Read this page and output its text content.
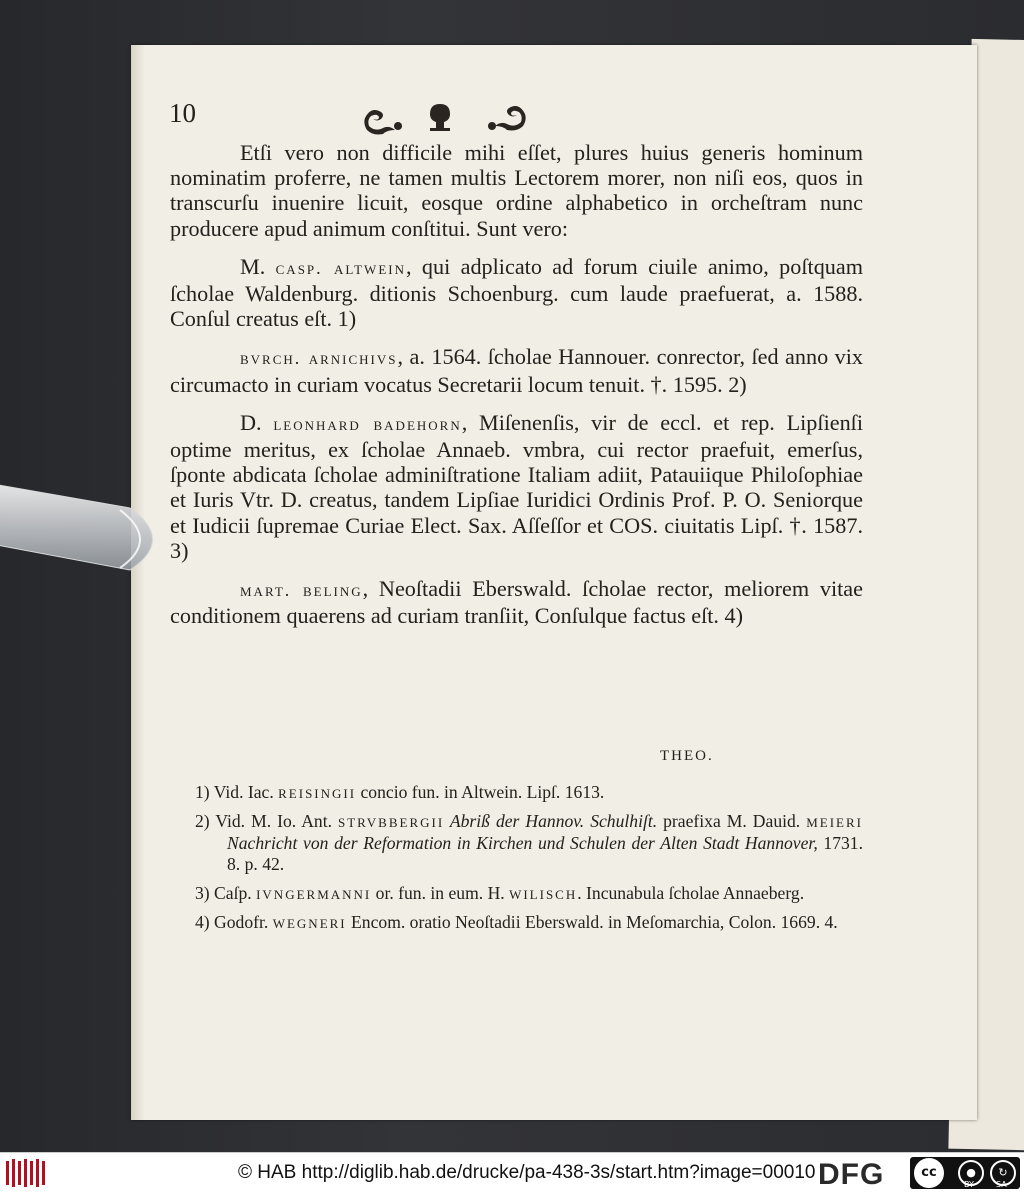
10

Etſi vero non difficile mihi eſſet, plures huius generis hominum nominatim proferre, ne tamen multis Lectorem morer, non niſi eos, quos in transcurſu inuenire licuit, eosque ordine alphabetico in orcheſtram nunc producere apud animum conſtitui. Sunt vero:

M. casp. altwein, qui adplicato ad forum ciuile animo, poſtquam ſcholae Waldenburg. ditionis Schoenburg. cum laude praefuerat, a. 1588. Conſul creatus eſt. 1)

bvrch. arnichivs, a. 1564. ſcholae Hannouer. conrector, ſed anno vix circumacto in curiam vocatus Secretarii locum tenuit. †. 1595. 2)

D. leonhard badehorn, Miſenenſis, vir de eccl. et rep. Lipſienſi optime meritus, ex ſcholae Annaeb. vmbra, cui rector praefuit, emerſus, ſponte abdicata ſcholae adminiſtratione Italiam adiit, Patauiique Philoſophiae et Iuris Vtr. D. creatus, tandem Lipſiae Iuridici Ordinis Prof. P. O. Seniorque et Iudicii ſupremae Curiae Elect. Sax. Aſſeſſor et COS. ciuitatis Lipſ. †. 1587. 3)

mart. beling, Neoſtadii Eberswald. ſcholae rector, meliorem vitae conditionem quaerens ad curiam tranſiit, Conſulque factus eſt. 4)

THEO.

1) Vid. Iac. reisingii concio fun. in Altwein. Lipſ. 1613.

2) Vid. M. Io. Ant. strvbbergii Abriß der Hannov. Schulhiſt. praefixa M. Dauid. meieri Nachricht von der Reformation in Kirchen und Schulen der Alten Stadt Hannover, 1731. 8. p. 42.

3) Caſp. ivngermanni or. fun. in eum. H. wilisch. Incunabula ſcholae Annaeberg.

4) Godofr. wegneri Encom. oratio Neoſtadii Eberswald. in Meſomarchia, Colon. 1669. 4.

© HAB http://diglib.hab.de/drucke/pa-438-3s/start.htm?image=00010 DFG	cc	●	↻
BY	SA
